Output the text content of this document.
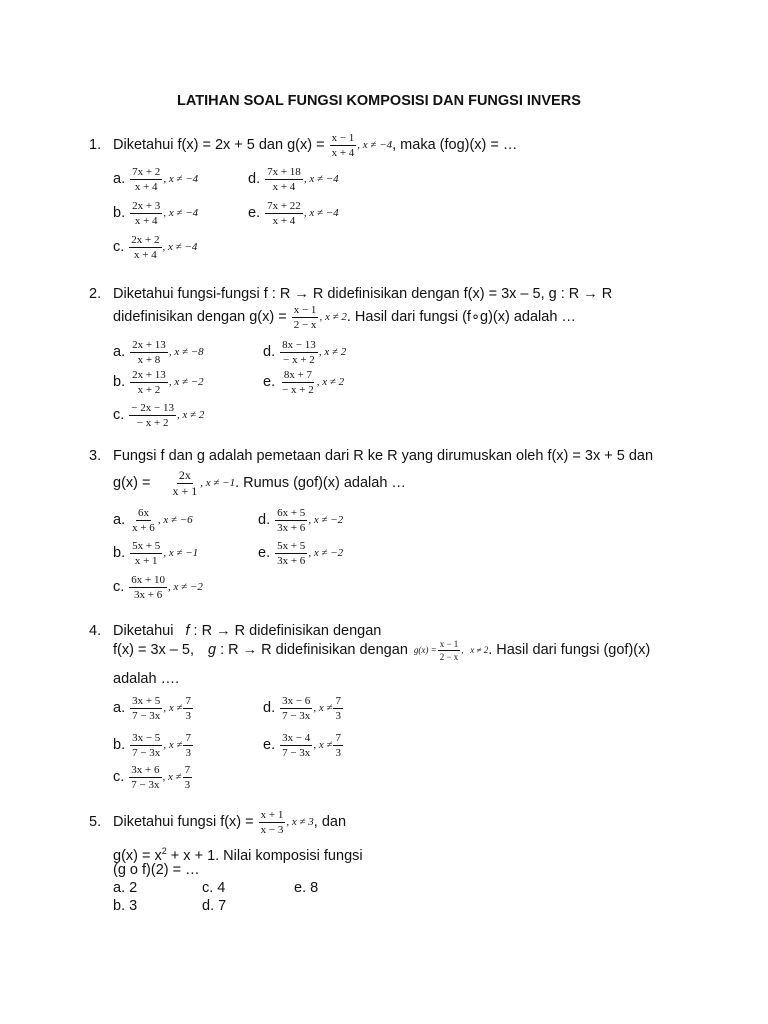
LATIHAN SOAL FUNGSI KOMPOSISI DAN FUNGSI INVERS
1. Diketahui f(x) = 2x + 5 dan $g(x) = \frac{x - 1}{x + 4}$ , x ≠ −4 , maka (fog)(x) = …
a. $\frac{7x + 2}{x + 4}$ , x ≠ −4
b. $\frac{2x + 3}{x + 4}$ , x ≠ −4
c. $\frac{2x + 2}{x + 4}$ , x ≠ −4
d. $\frac{7x + 18}{x + 4}$ , x ≠ −4
e. $\frac{7x + 22}{x + 4}$ , x ≠ −4
2. Diketahui fungsi-fungsi f : R → R didefinisikan dengan f(x) = 3x – 5, g : R → R
didefinisikan dengan $g(x) = \frac{x - 1}{2 - x}$ , x ≠ 2 . Hasil dari fungsi (f∘g)(x) adalah …
a. $\frac{2x + 13}{x + 8}$ , x ≠ −8
b. $\frac{2x + 13}{x + 2}$ , x ≠ −2
c. $\frac{- 2x - 13}{- x + 2}$ , x ≠ 2
d. $\frac{8x - 13}{- x + 2}$ , x ≠ 2
e. $\frac{8x + 7}{- x + 2}$ , x ≠ 2
3. Fungsi f dan g adalah pemetaan dari R ke R yang dirumuskan oleh f(x) = 3x + 5 dan
$g(x) = \frac{2x}{x + 1}$ , x ≠ −1 . Rumus (gof)(x) adalah …
a. $\frac{6x}{x + 6}$ , x ≠ −6
b. $\frac{5x + 5}{x + 1}$ , x ≠ −1
c. $\frac{6x + 10}{3x + 6}$ , x ≠ −2
d. $\frac{6x + 5}{3x + 6}$ , x ≠ −2
e. $\frac{5x + 5}{3x + 6}$ , x ≠ −2
4. Diketahui f : R → R didefinisikan dengan
f(x) = 3x – 5, g : R → R didefinisikan dengan $g(x) = \frac{x - 1}{2 - x}$ ,   x ≠ 2 . Hasil dari fungsi (gof)(x)
adalah ….
a. $\frac{3x + 5}{7 - 3x}$ , $x \ne \frac{7}{3}$
b. $\frac{3x - 5}{7 - 3x}$ , $x \ne \frac{7}{3}$
c. $\frac{3x + 6}{7 - 3x}$ , $x \ne \frac{7}{3}$
d. $\frac{3x - 6}{7 - 3x}$ , $x \ne \frac{7}{3}$
e. $\frac{3x - 4}{7 - 3x}$ , $x \ne \frac{7}{3}$
5. Diketahui fungsi $f(x) = \frac{x + 1}{x - 3}$ , x ≠ 3 , dan
$g(x) = x^2 + x + 1$. Nilai komposisi fungsi
(g o f)(2) = …
a. 2
b. 3
c. 4
d. 7
e. 8
